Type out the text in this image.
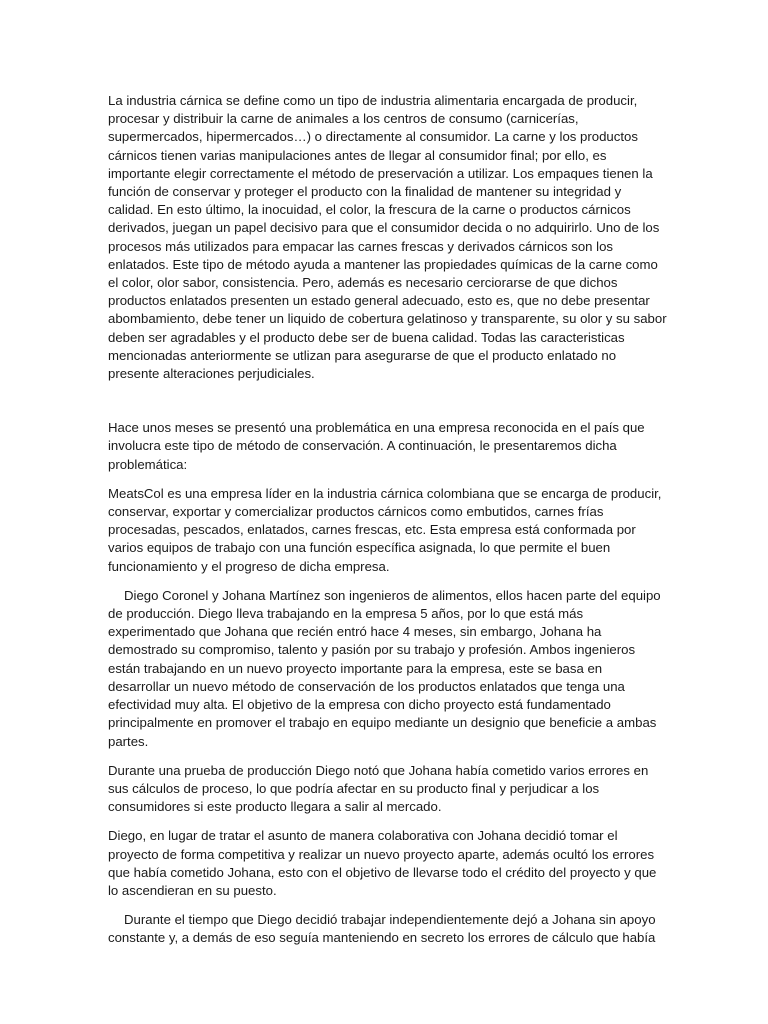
La industria cárnica se define como un tipo de industria alimentaria encargada de producir, procesar y distribuir la carne de animales a los centros de consumo (carnicerías, supermercados, hipermercados…) o directamente al consumidor. La carne y los productos cárnicos tienen varias manipulaciones antes de llegar al consumidor final; por ello, es importante elegir correctamente el método de preservación a utilizar. Los empaques tienen la función de conservar y proteger el producto con la finalidad de mantener su integridad y calidad. En esto último, la inocuidad, el color, la frescura de la carne o productos cárnicos derivados, juegan un papel decisivo para que el consumidor decida o no adquirirlo. Uno de los procesos más utilizados para empacar las carnes frescas y derivados cárnicos son los enlatados. Este tipo de método ayuda a mantener las propiedades químicas de la carne como el color, olor sabor, consistencia. Pero, además es necesario cerciorarse de que dichos productos enlatados presenten un estado general adecuado, esto es, que no debe presentar abombamiento, debe tener un liquido de cobertura gelatinoso y transparente, su olor y su sabor deben ser agradables y el producto debe ser de buena calidad. Todas las caracteristicas mencionadas anteriormente se utlizan para asegurarse de que el producto enlatado no presente alteraciones perjudiciales.

Hace unos meses se presentó una problemática en una empresa reconocida en el país que involucra este tipo de método de conservación. A continuación, le presentaremos dicha problemática:

MeatsCol es una empresa líder en la industria cárnica colombiana que se encarga de producir, conservar, exportar y comercializar productos cárnicos como embutidos, carnes frías procesadas, pescados, enlatados, carnes frescas, etc. Esta empresa está conformada por varios equipos de trabajo con una función específica asignada, lo que permite el buen funcionamiento y el progreso de dicha empresa.

Diego Coronel y Johana Martínez son ingenieros de alimentos, ellos hacen parte del equipo de producción. Diego lleva trabajando en la empresa 5 años, por lo que está más experimentado que Johana que recién entró hace 4 meses, sin embargo, Johana ha demostrado su compromiso, talento y pasión por su trabajo y profesión. Ambos ingenieros están trabajando en un nuevo proyecto importante para la empresa, este se basa en desarrollar un nuevo método de conservación de los productos enlatados que tenga una efectividad muy alta. El objetivo de la empresa con dicho proyecto está fundamentado principalmente en promover el trabajo en equipo mediante un designio que beneficie a ambas partes.

Durante una prueba de producción Diego notó que Johana había cometido varios errores en sus cálculos de proceso, lo que podría afectar en su producto final y perjudicar a los consumidores si este producto llegara a salir al mercado.

Diego, en lugar de tratar el asunto de manera colaborativa con Johana decidió tomar el proyecto de forma competitiva y realizar un nuevo proyecto aparte, además ocultó los errores que había cometido Johana, esto con el objetivo de llevarse todo el crédito del proyecto y que lo ascendieran en su puesto.

Durante el tiempo que Diego decidió trabajar independientemente dejó a Johana sin apoyo constante y, a demás de eso seguía manteniendo en secreto los errores de cálculo que había
